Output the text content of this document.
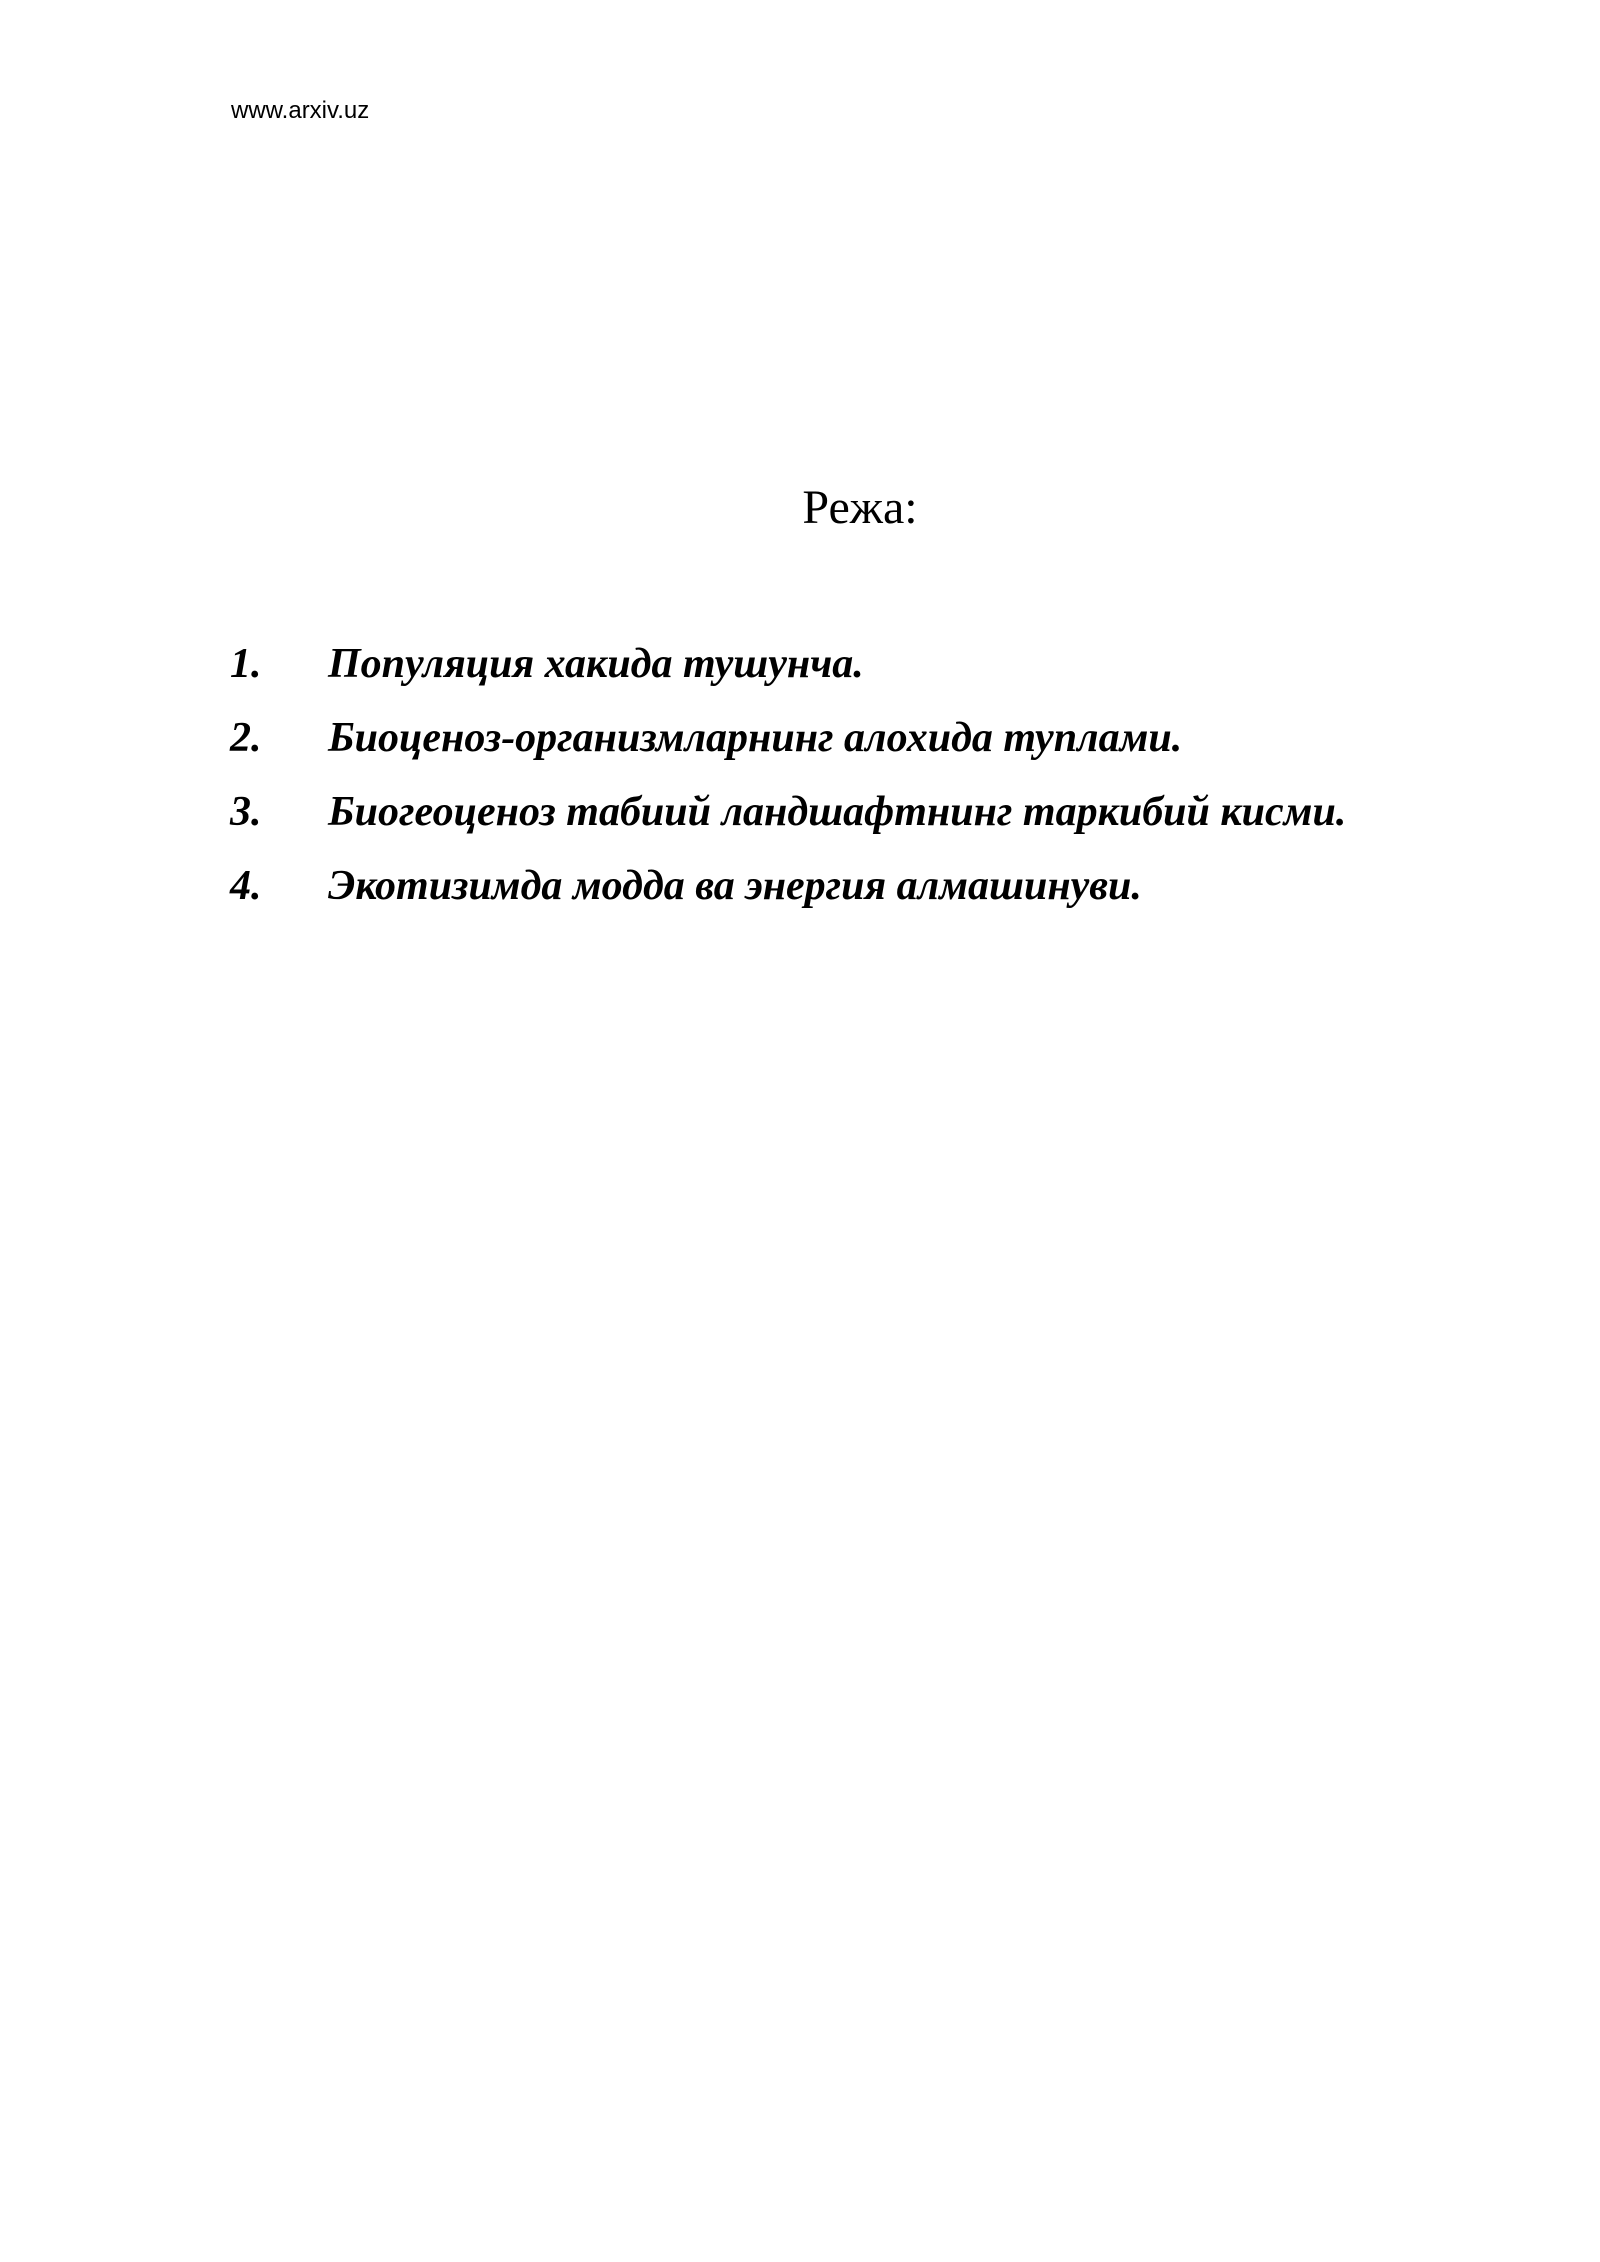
www.arxiv.uz
Режа:
1.	Популяция хакида тушунча.
2.	Биоценоз-организмларнинг алохида туплами.
3.	Биогеоценоз табиий ландшафтнинг таркибий кисми.
4.	Экотизимда модда ва энергия алмашинуви.
